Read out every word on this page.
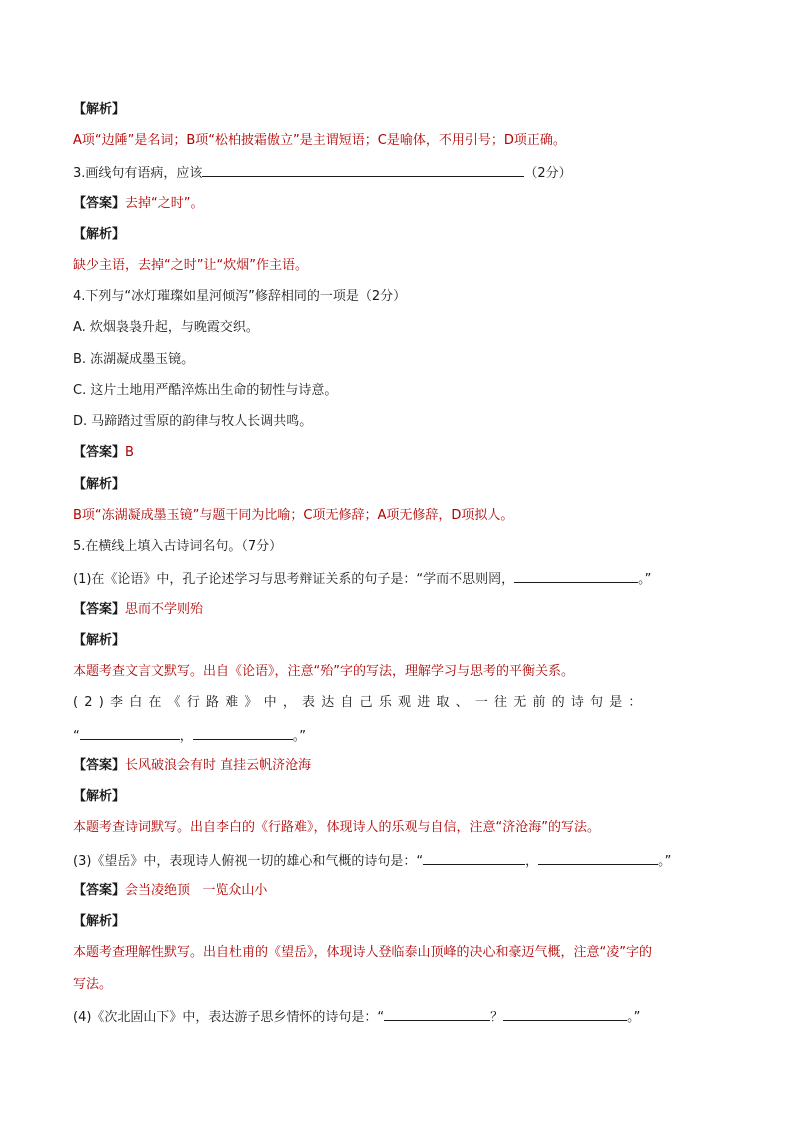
【解析】
A项“边陲”是名词；B项“松柏披霜傲立”是主谓短语；C是喻体，不用引号；D项正确。
3.画线句有语病，应该	（2分）
【答案】去掉“之时”。
【解析】
缺少主语，去掉“之时”让“炊烟”作主语。
4.下列与“冰灯璀璨如星河倾泻”修辞相同的一项是（2分）
A. 炊烟袅袅升起，与晚霞交织。
B. 冻湖凝成墨玉镜。
C. 这片土地用严酷淬炼出生命的韧性与诗意。
D. 马蹄踏过雪原的韵律与牧人长调共鸣。
【答案】B
【解析】
B项“冻湖凝成墨玉镜”与题干同为比喻；C项无修辞；A项无修辞，D项拟人。
5.在横线上填入古诗词名句。（7分）
(1)在《论语》中，孔子论述学习与思考辩证关系的句子是：“学而不思则罔，	。”
【答案】思而不学则殆
【解析】
本题考查文言文默写。出自《论语》，注意“殆”字的写法，理解学习与思考的平衡关系。
(2)李白在《行路难》中，表达自己乐观进取、一往无前的诗句是：
“	，	。”
【答案】长风破浪会有时 直挂云帆济沧海
【解析】
本题考查诗词默写。出自李白的《行路难》，体现诗人的乐观与自信，注意“济沧海”的写法。
(3)《望岳》中，表现诗人俯视一切的雄心和气概的诗句是：“	，	。”
【答案】会当凌绝顶   一览众山小
【解析】
本题考查理解性默写。出自杜甫的《望岳》，体现诗人登临泰山顶峰的决心和豪迈气概，注意“凌”字的
写法。
(4)《次北固山下》中，表达游子思乡情怀的诗句是：“	？	。”
